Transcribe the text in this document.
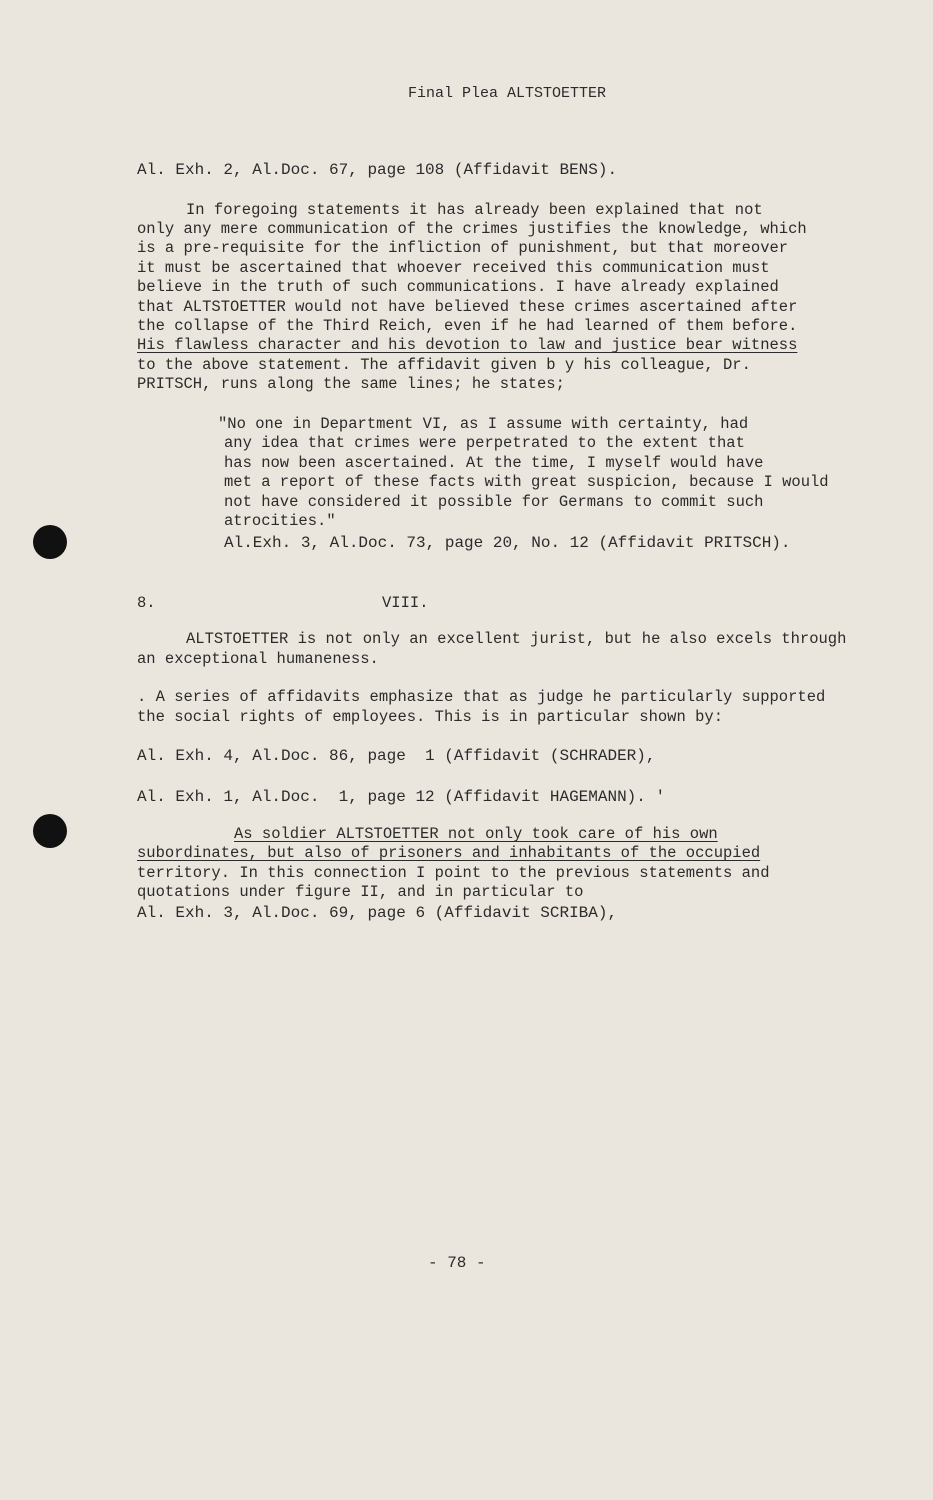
Final Plea ALTSTOETTER
Al. Exh. 2, Al.Doc. 67, page 108 (Affidavit BENS).
In foregoing statements it has already been explained that not
only any mere communication of the crimes justifies the knowledge, which
is a pre-requisite for the infliction of punishment, but that moreover
it must be ascertained that whoever received this communication must
believe in the truth of such communications. I have already explained
that ALTSTOETTER would not have believed these crimes ascertained after
the collapse of the Third Reich, even if he had learned of them before.
His flawless character and his devotion to law and justice bear witness
to the above statement. The affidavit given b y his colleague, Dr.
PRITSCH, runs along the same lines; he states;
"No one in Department VI, as I assume with certainty, had
any idea that crimes were perpetrated to the extent that
has now been ascertained. At the time, I myself would have
met a report of these facts with great suspicion, because I would
not have considered it possible for Germans to commit such
atrocities."
Al.Exh. 3, Al.Doc. 73, page 20, No. 12 (Affidavit PRITSCH).
8.	VIII.
ALTSTOETTER is not only an excellent jurist, but he also excels through
an exceptional humaneness.
. A series of affidavits emphasize that as judge he particularly supported
the social rights of employees. This is in particular shown by:
Al. Exh. 4, Al.Doc. 86, page  1 (Affidavit (SCHRADER),
Al. Exh. 1, Al.Doc.  1, page 12 (Affidavit HAGEMANN). '
As soldier ALTSTOETTER not only took care of his own
subordinates, but also of prisoners and inhabitants of the occupied
territory. In this connection I point to the previous statements and
quotations under figure II, and in particular to
Al. Exh. 3, Al.Doc. 69, page 6 (Affidavit SCRIBA),
- 78 -
